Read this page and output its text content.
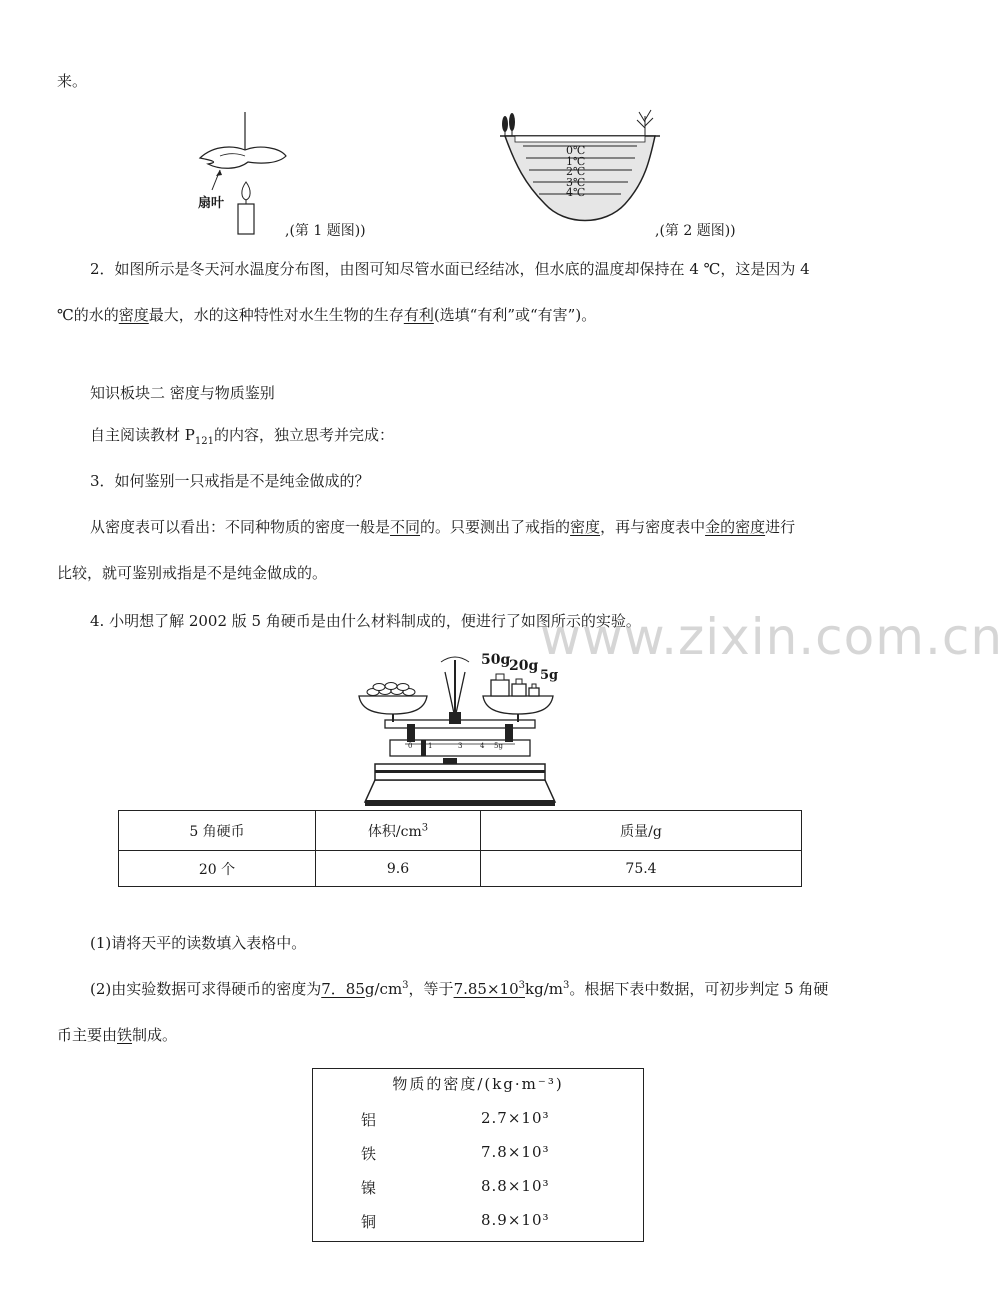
来。
扇叶
,(第 1 题图))
0℃
1℃
2℃
3℃
4℃
,(第 2 题图))
2．如图所示是冬天河水温度分布图，由图可知尽管水面已经结冰，但水底的温度却保持在 4 ℃，这是因为 4
℃的水的密度最大，水的这种特性对水生生物的生存有利(选填“有利”或“有害”)。
知识板块二 密度与物质鉴别
自主阅读教材 $P_{121}$的内容，独立思考并完成：
3．如何鉴别一只戒指是不是纯金做成的？
从密度表可以看出：不同种物质的密度一般是不同的。只要测出了戒指的密度，再与密度表中金的密度进行
比较，就可鉴别戒指是不是纯金做成的。
4. 小明想了解 2002 版 5 角硬币是由什么材料制成的，便进行了如图所示的实验。
www.zixin.com.cn
50g
20g
5g
0 1	3	4 5g
5 角硬币	体积$/cm^3$	质量/g
20 个	9.6	75.4
(1)请将天平的读数填入表格中。
(2)由实验数据可求得硬币的密度为7．$85g/cm^3$，等于$7.85\times 10^3kg/m^3$。根据下表中数据，可初步判定 5 角硬
币主要由铁制成。
物质的密度/(kg·m⁻³)
铝	2.7×10³
铁	7.8×10³
镍	8.8×10³
铜	8.9×10³
